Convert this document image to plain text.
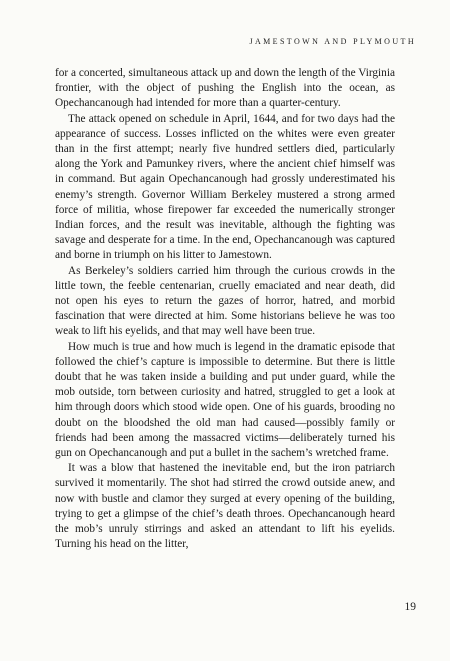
JAMESTOWN AND PLYMOUTH

for a concerted, simultaneous attack up and down the length of the Virginia frontier, with the object of pushing the English into the ocean, as Opechancanough had intended for more than a quarter-century.

The attack opened on schedule in April, 1644, and for two days had the appearance of success. Losses inflicted on the whites were even greater than in the first attempt; nearly five hundred settlers died, particularly along the York and Pamunkey rivers, where the ancient chief himself was in command. But again Opechancanough had grossly underestimated his enemy’s strength. Governor William Berkeley mustered a strong armed force of militia, whose firepower far exceeded the numerically stronger Indian forces, and the result was inevitable, although the fighting was savage and desperate for a time. In the end, Opechancanough was captured and borne in triumph on his litter to Jamestown.

As Berkeley’s soldiers carried him through the curious crowds in the little town, the feeble centenarian, cruelly emaciated and near death, did not open his eyes to return the gazes of horror, hatred, and morbid fascination that were directed at him. Some historians believe he was too weak to lift his eyelids, and that may well have been true.

How much is true and how much is legend in the dramatic episode that followed the chief’s capture is impossible to determine. But there is little doubt that he was taken inside a building and put under guard, while the mob outside, torn between curiosity and hatred, struggled to get a look at him through doors which stood wide open. One of his guards, brooding no doubt on the bloodshed the old man had caused—possibly family or friends had been among the massacred victims—deliberately turned his gun on Opechancanough and put a bullet in the sachem’s wretched frame.

It was a blow that hastened the inevitable end, but the iron patriarch survived it momentarily. The shot had stirred the crowd outside anew, and now with bustle and clamor they surged at every opening of the building, trying to get a glimpse of the chief’s death throes. Opechancanough heard the mob’s unruly stirrings and asked an attendant to lift his eyelids. Turning his head on the litter,

19
